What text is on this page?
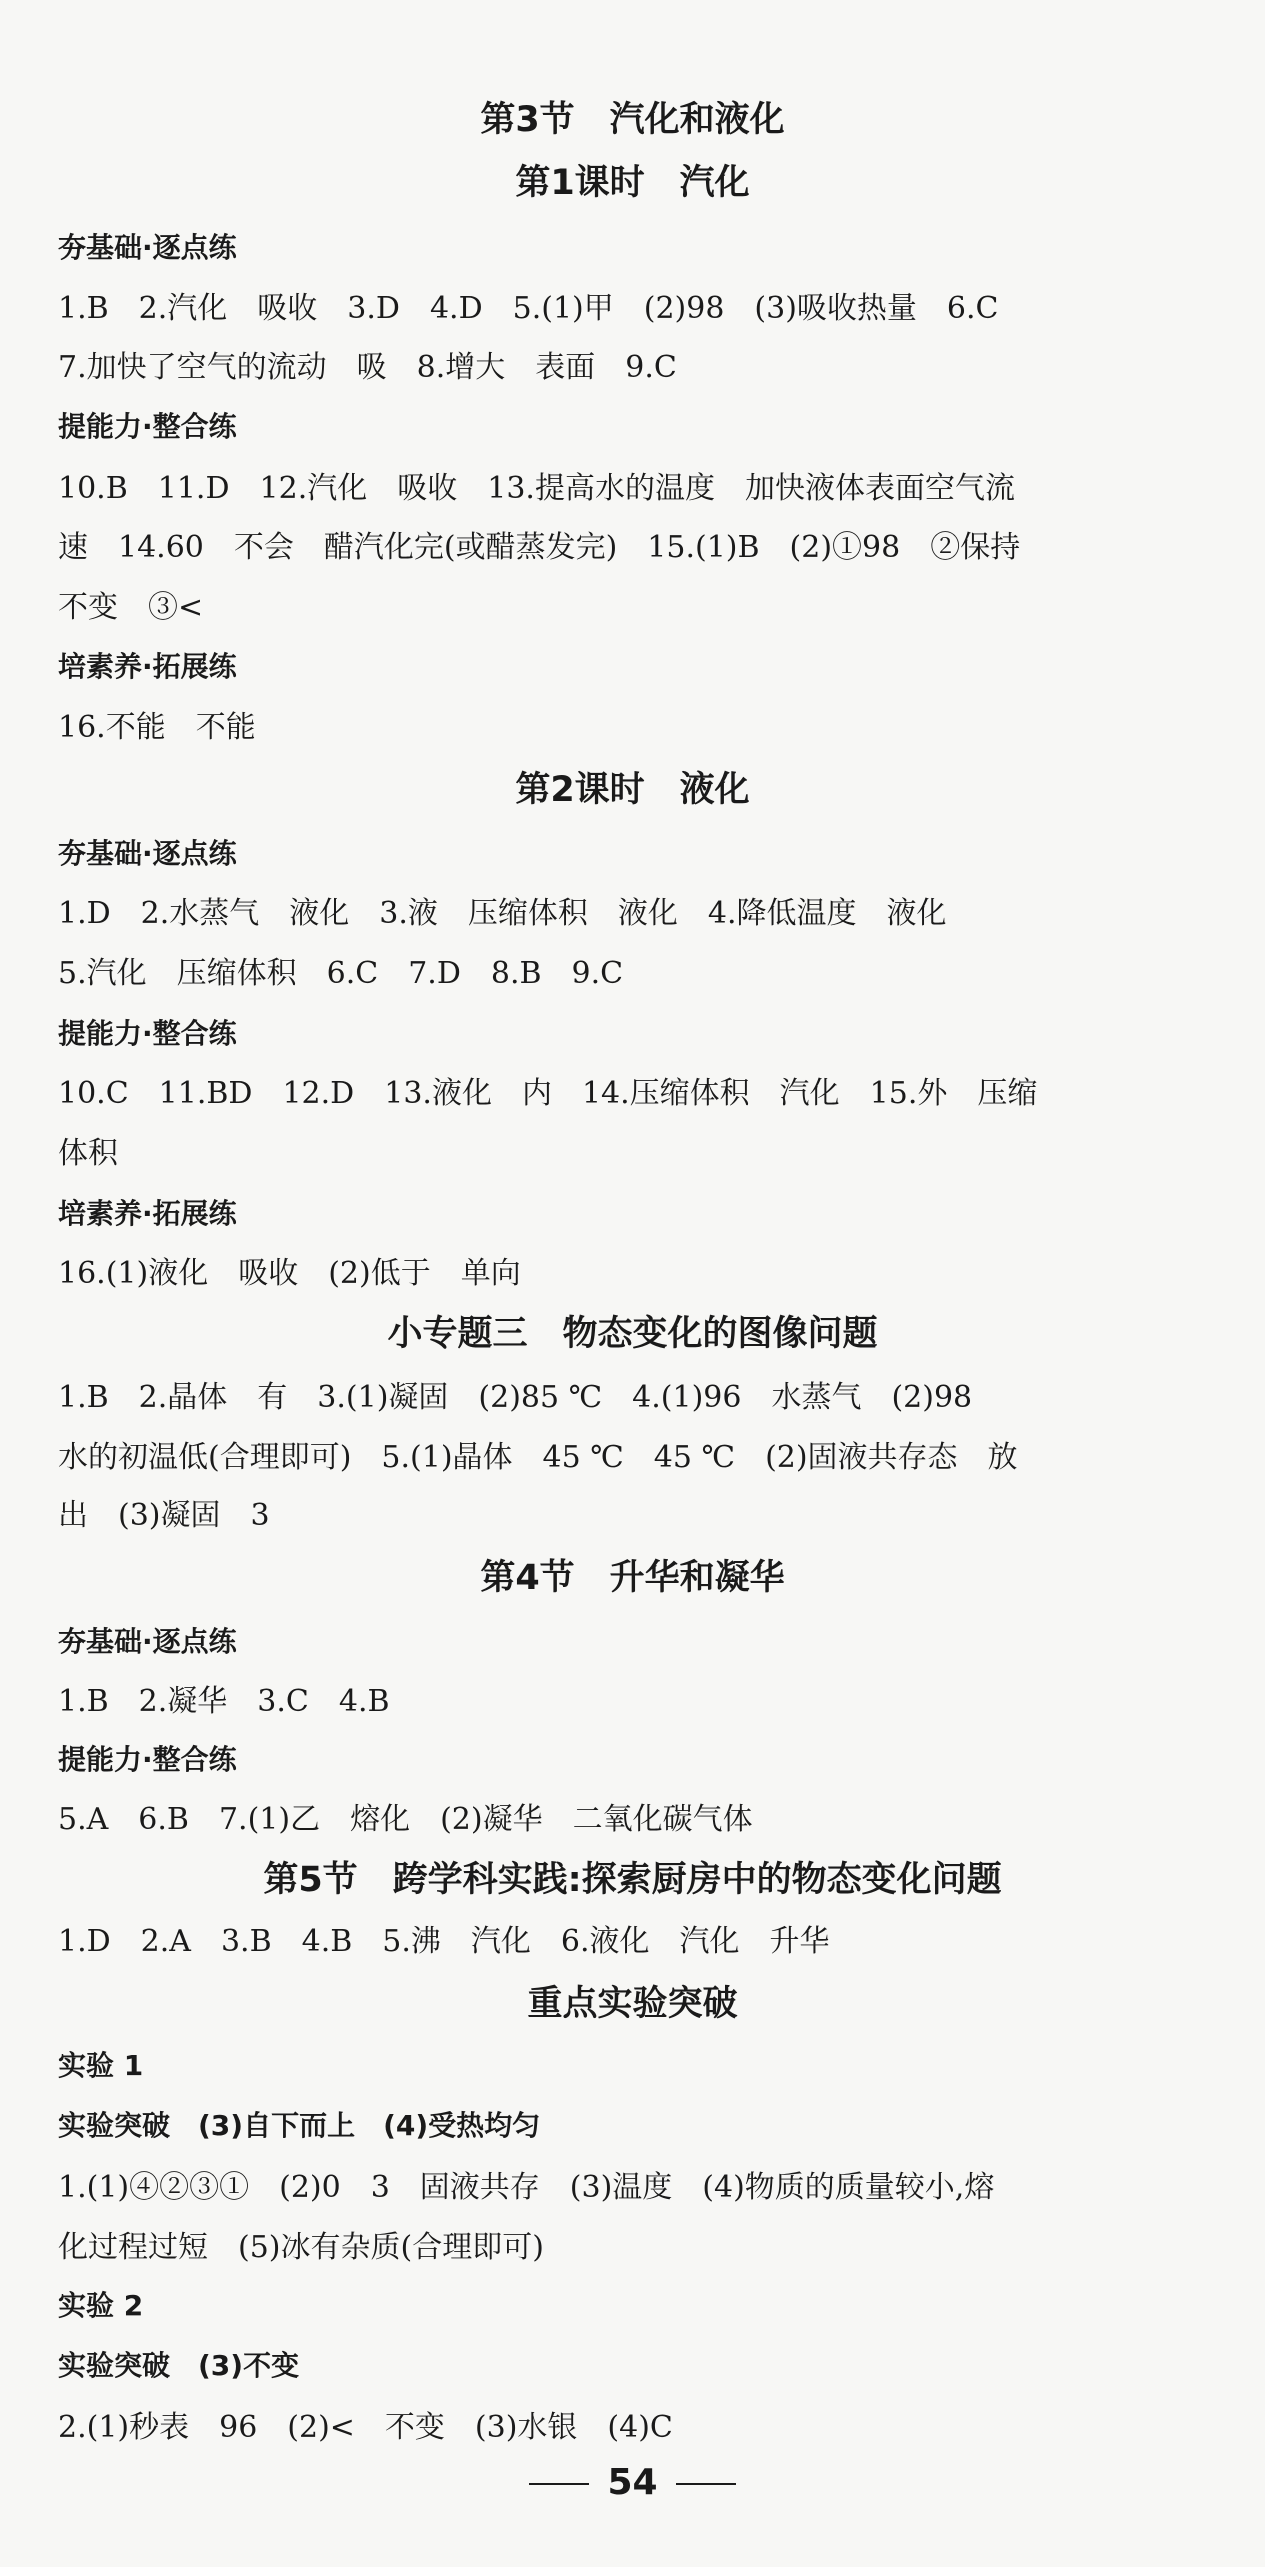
第3节　汽化和液化
第1课时　汽化
夯基础·逐点练
1.B　2.汽化　吸收　3.D　4.D　5.(1)甲　(2)98　(3)吸收热量　6.C
7.加快了空气的流动　吸　8.增大　表面　9.C
提能力·整合练
10.B　11.D　12.汽化　吸收　13.提高水的温度　加快液体表面空气流
速　14.60　不会　醋汽化完(或醋蒸发完)　15.(1)B　(2)①98　②保持
不变　③<
培素养·拓展练
16.不能　不能
第2课时　液化
夯基础·逐点练
1.D　2.水蒸气　液化　3.液　压缩体积　液化　4.降低温度　液化
5.汽化　压缩体积　6.C　7.D　8.B　9.C
提能力·整合练
10.C　11.BD　12.D　13.液化　内　14.压缩体积　汽化　15.外　压缩
体积
培素养·拓展练
16.(1)液化　吸收　(2)低于　单向
小专题三　物态变化的图像问题
1.B　2.晶体　有　3.(1)凝固　(2)85 ℃　4.(1)96　水蒸气　(2)98
水的初温低(合理即可)　5.(1)晶体　45 ℃　45 ℃　(2)固液共存态　放
出　(3)凝固　3
第4节　升华和凝华
夯基础·逐点练
1.B　2.凝华　3.C　4.B
提能力·整合练
5.A　6.B　7.(1)乙　熔化　(2)凝华　二氧化碳气体
第5节　跨学科实践:探索厨房中的物态变化问题
1.D　2.A　3.B　4.B　5.沸　汽化　6.液化　汽化　升华
重点实验突破
实验 1
实验突破　(3)自下而上　(4)受热均匀
1.(1)④②③①　(2)0　3　固液共存　(3)温度　(4)物质的质量较小,熔
化过程过短　(5)冰有杂质(合理即可)
实验 2
实验突破　(3)不变
2.(1)秒表　96　(2)<　不变　(3)水银　(4)C
54
